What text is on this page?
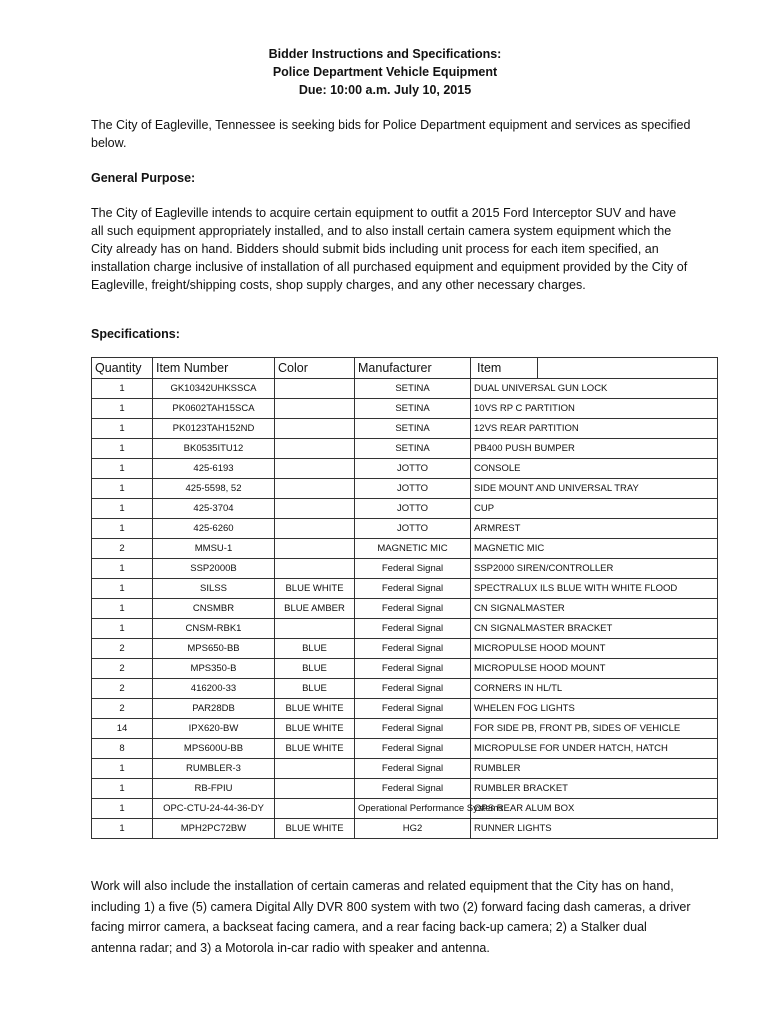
Bidder Instructions and Specifications:
Police Department Vehicle Equipment
Due: 10:00 a.m. July 10, 2015
The City of Eagleville, Tennessee is seeking bids for Police Department equipment and services as specified below.
General Purpose:
The City of Eagleville intends to acquire certain equipment to outfit a 2015 Ford Interceptor SUV and have all such equipment appropriately installed, and to also install certain camera system equipment which the City already has on hand. Bidders should submit bids including unit process for each item specified, an installation charge inclusive of installation of all purchased equipment and equipment provided by the City of Eagleville, freight/shipping costs, shop supply charges, and any other necessary charges.
Specifications:
Quantity	Item Number	Color	Manufacturer	Item
1	GK10342UHKSSCA		SETINA	DUAL UNIVERSAL GUN LOCK
1	PK0602TAH15SCA		SETINA	10VS RP C PARTITION
1	PK0123TAH152ND		SETINA	12VS REAR PARTITION
1	BK0535ITU12		SETINA	PB400 PUSH BUMPER
1	425-6193		JOTTO	CONSOLE
1	425-5598, 52		JOTTO	SIDE MOUNT AND UNIVERSAL TRAY
1	425-3704		JOTTO	CUP
1	425-6260		JOTTO	ARMREST
2	MMSU-1		MAGNETIC MIC	MAGNETIC MIC
1	SSP2000B		Federal Signal	SSP2000 SIREN/CONTROLLER
1	SILSS	BLUE WHITE	Federal Signal	SPECTRALUX ILS BLUE WITH WHITE FLOOD
1	CNSMBR	BLUE AMBER	Federal Signal	CN SIGNALMASTER
1	CNSM-RBK1		Federal Signal	CN SIGNALMASTER BRACKET
2	MPS650-BB	BLUE	Federal Signal	MICROPULSE HOOD MOUNT
2	MPS350-B	BLUE	Federal Signal	MICROPULSE HOOD MOUNT
2	416200-33	BLUE	Federal Signal	CORNERS IN HL/TL
2	PAR28DB	BLUE WHITE	Federal Signal	WHELEN FOG LIGHTS
14	IPX620-BW	BLUE WHITE	Federal Signal	FOR SIDE PB, FRONT PB, SIDES OF VEHICLE
8	MPS600U-BB	BLUE WHITE	Federal Signal	MICROPULSE FOR UNDER HATCH, HATCH
1	RUMBLER-3		Federal Signal	RUMBLER
1	RB-FPIU		Federal Signal	RUMBLER BRACKET
1	OPC-CTU-24-44-36-DY		Operational Performance Systems	OPS REAR ALUM BOX
1	MPH2PC72BW	BLUE WHITE	HG2	RUNNER LIGHTS
Work will also include the installation of certain cameras and related equipment that the City has on hand, including 1) a five (5) camera Digital Ally DVR 800 system with two (2) forward facing dash cameras, a driver facing mirror camera, a backseat facing camera, and a rear facing back-up camera; 2) a Stalker dual antenna radar; and 3) a Motorola in-car radio with speaker and antenna.
